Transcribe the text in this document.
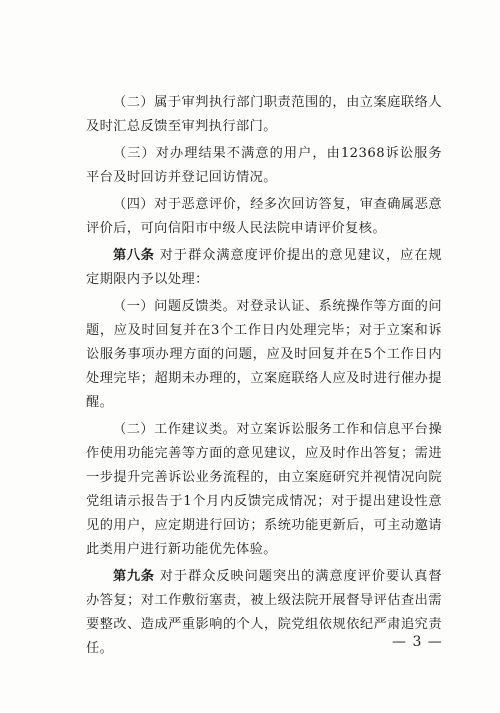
（二）属于审判执行部门职责范围的，由立案庭联络人及时汇总反馈至审判执行部门。

（三）对办理结果不满意的用户，由12368诉讼服务平台及时回访并登记回访情况。

（四）对于恶意评价，经多次回访答复，审查确属恶意评价后，可向信阳市中级人民法院申请评价复核。

第八条 对于群众满意度评价提出的意见建议，应在规定期限内予以处理：

（一）问题反馈类。对登录认证、系统操作等方面的问题，应及时回复并在3个工作日内处理完毕；对于立案和诉讼服务事项办理方面的问题，应及时回复并在5个工作日内处理完毕；超期未办理的，立案庭联络人应及时进行催办提醒。

（二）工作建议类。对立案诉讼服务工作和信息平台操作使用功能完善等方面的意见建议，应及时作出答复；需进一步提升完善诉讼业务流程的，由立案庭研究并视情况向院党组请示报告于1个月内反馈完成情况；对于提出建设性意见的用户，应定期进行回访；系统功能更新后，可主动邀请此类用户进行新功能优先体验。

第九条 对于群众反映问题突出的满意度评价要认真督办答复；对工作敷衍塞责，被上级法院开展督导评估查出需要整改、造成严重影响的个人，院党组依规依纪严肃追究责任。	— 3 —
